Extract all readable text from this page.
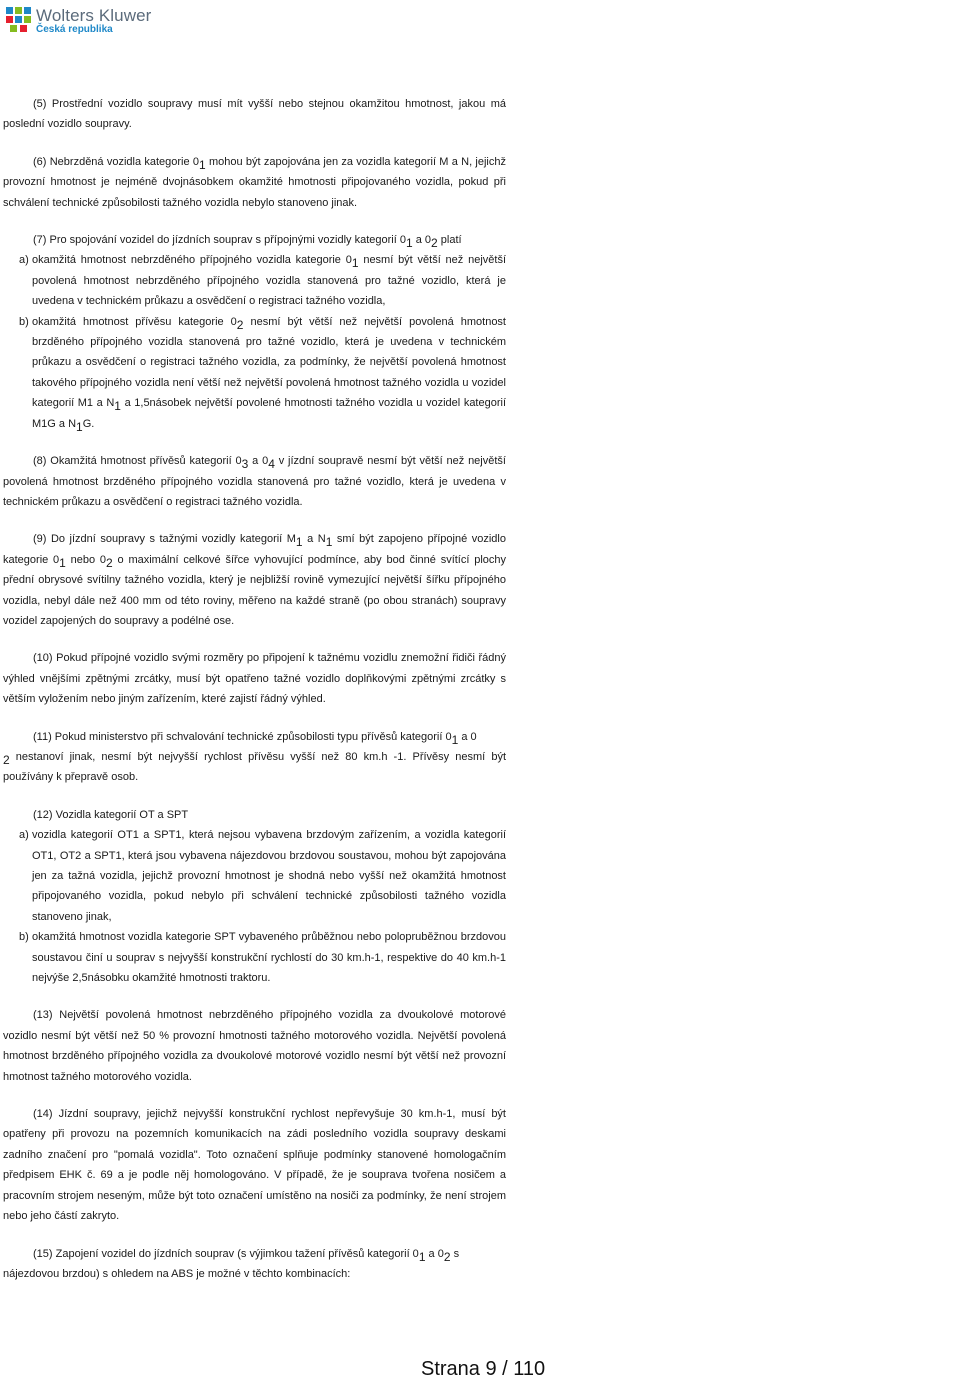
Wolters Kluwer
Česká republika

(5) Prostřední vozidlo soupravy musí mít vyšší nebo stejnou okamžitou hmotnost, jakou má poslední vozidlo soupravy.

(6) Nebrzděná vozidla kategorie $0_1$ mohou být zapojována jen za vozidla kategorií M a N, jejichž provozní hmotnost je nejméně dvojnásobkem okamžité hmotnosti připojovaného vozidla, pokud při schválení technické způsobilosti tažného vozidla nebylo stanoveno jinak.

(7) Pro spojování vozidel do jízdních souprav s přípojnými vozidly kategorií $0_1$ a $0_2$ platí

a) okamžitá hmotnost nebrzděného přípojného vozidla kategorie $0_1$ nesmí být větší než největší povolená hmotnost nebrzděného přípojného vozidla stanovená pro tažné vozidlo, která je uvedena v technickém průkazu a osvědčení o registraci tažného vozidla,

b) okamžitá hmotnost přívěsu kategorie $0_2$ nesmí být větší než největší povolená hmotnost brzděného přípojného vozidla stanovená pro tažné vozidlo, která je uvedena v technickém průkazu a osvědčení o registraci tažného vozidla, za podmínky, že největší povolená hmotnost takového přípojného vozidla není větší než největší povolená hmotnost tažného vozidla u vozidel kategorií M1 a $N_1$ a 1,5násobek největší povolené hmotnosti tažného vozidla u vozidel kategorií M1G a $N_1G$.

(8) Okamžitá hmotnost přívěsů kategorií $0_3$ a $0_4$ v jízdní soupravě nesmí být větší než největší povolená hmotnost brzděného přípojného vozidla stanovená pro tažné vozidlo, která je uvedena v technickém průkazu a osvědčení o registraci tažného vozidla.

(9) Do jízdní soupravy s tažnými vozidly kategorií $M_1$ a $N_1$ smí být zapojeno přípojné vozidlo kategorie $0_1$ nebo $0_2$ o maximální celkové šířce vyhovující podmínce, aby bod činné svítící plochy přední obrysové svítilny tažného vozidla, který je nejbližší rovině vymezující největší šířku přípojného vozidla, nebyl dále než 400 mm od této roviny, měřeno na každé straně (po obou stranách) soupravy vozidel zapojených do soupravy a podélné ose.

(10) Pokud přípojné vozidlo svými rozměry po připojení k tažnému vozidlu znemožní řidiči řádný výhled vnějšími zpětnými zrcátky, musí být opatřeno tažné vozidlo doplňkovými zpětnými zrcátky s větším vyložením nebo jiným zařízením, které zajistí řádný výhled.

(11) Pokud ministerstvo při schvalování technické způsobilosti typu přívěsů kategorií $0_1$ a 0
$_2$ nestanoví jinak, nesmí být nejvyšší rychlost přívěsu vyšší než 80 km.h -1. Přívěsy nesmí být používány k přepravě osob.

(12) Vozidla kategorií OT a SPT

a) vozidla kategorií OT1 a SPT1, která nejsou vybavena brzdovým zařízením, a vozidla kategorií OT1, OT2 a SPT1, která jsou vybavena nájezdovou brzdovou soustavou, mohou být zapojována jen za tažná vozidla, jejichž provozní hmotnost je shodná nebo vyšší než okamžitá hmotnost připojovaného vozidla, pokud nebylo při schválení technické způsobilosti tažného vozidla stanoveno jinak,

b) okamžitá hmotnost vozidla kategorie SPT vybaveného průběžnou nebo polopruběžnou brzdovou soustavou činí u souprav s nejvyšší konstrukční rychlostí do 30 km.h-1, respektive do 40 km.h-1 nejvýše 2,5násobku okamžité hmotnosti traktoru.

(13) Největší povolená hmotnost nebrzděného přípojného vozidla za dvoukolové motorové vozidlo nesmí být větší než 50 % provozní hmotnosti tažného motorového vozidla. Největší povolená hmotnost brzděného přípojného vozidla za dvoukolové motorové vozidlo nesmí být větší než provozní hmotnost tažného motorového vozidla.

(14) Jízdní soupravy, jejichž nejvyšší konstrukční rychlost nepřevyšuje 30 km.h-1, musí být opatřeny při provozu na pozemních komunikacích na zádi posledního vozidla soupravy deskami zadního značení pro "pomalá vozidla". Toto označení splňuje podmínky stanovené homologačním předpisem EHK č. 69 a je podle něj homologováno. V případě, že je souprava tvořena nosičem a pracovním strojem neseným, může být toto označení umístěno na nosiči za podmínky, že není strojem nebo jeho částí zakryto.

(15) Zapojení vozidel do jízdních souprav (s výjimkou tažení přívěsů kategorií $0_1$ a $0_2$ s nájezdovou brzdou) s ohledem na ABS je možné v těchto kombinacích:

Strana 9 / 110
